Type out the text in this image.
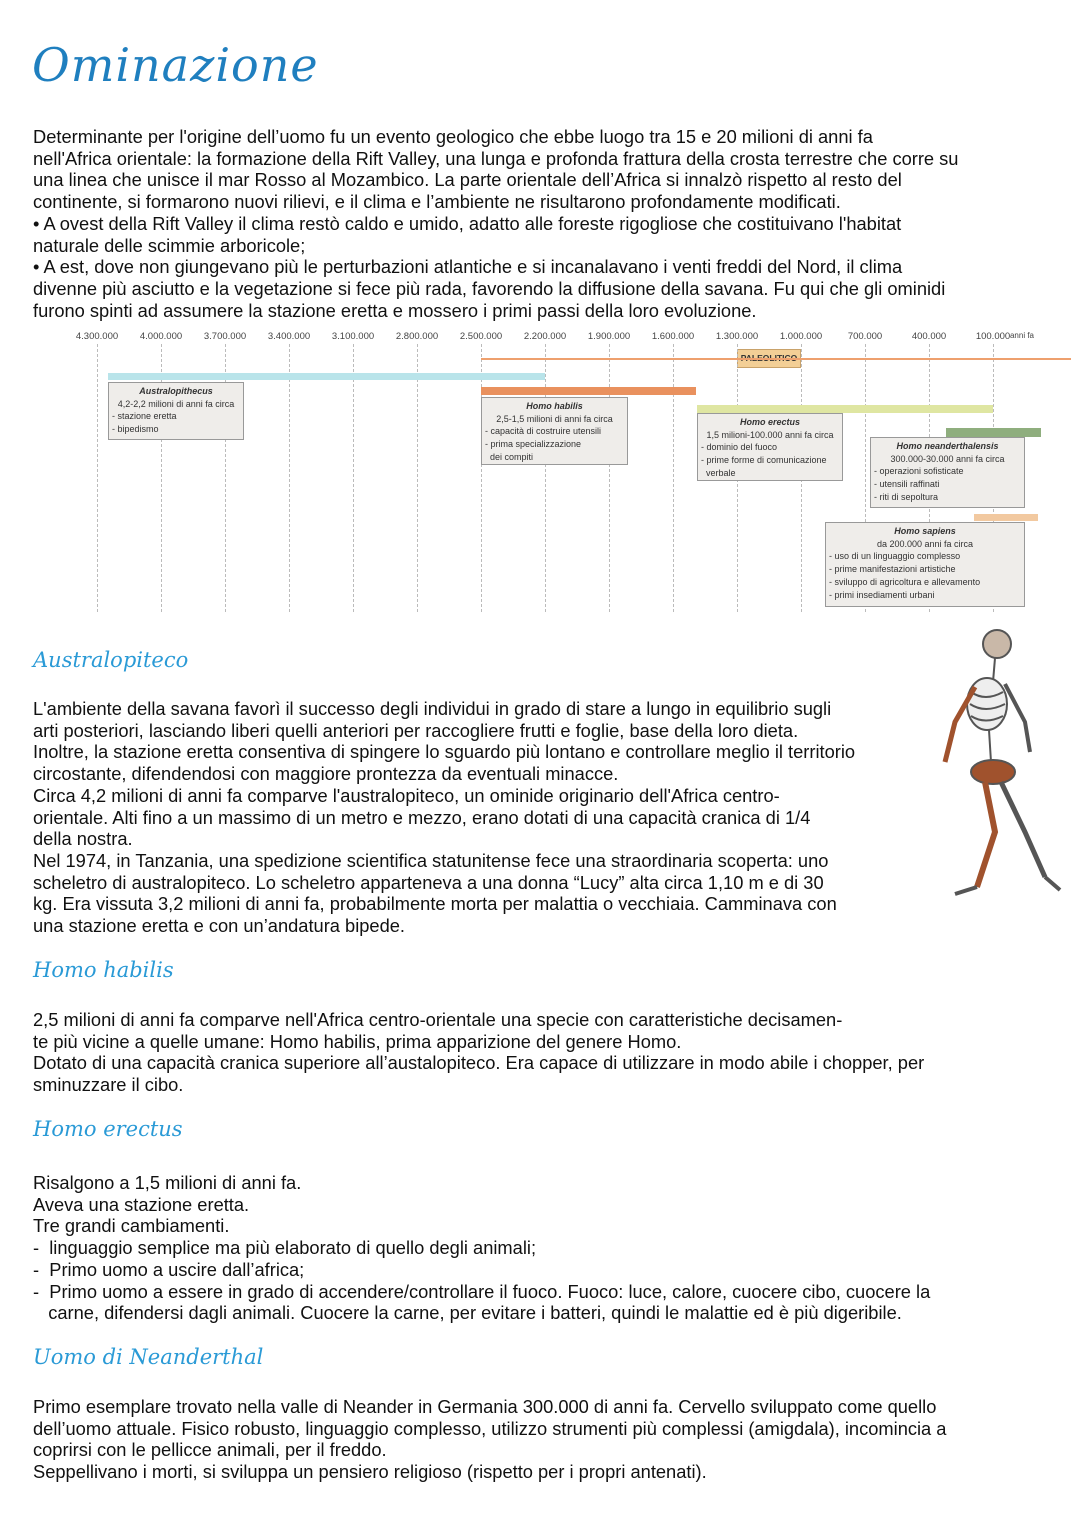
Ominazione
Determinante per l'origine dell’uomo fu un evento geologico che ebbe luogo tra 15 e 20 milioni di anni fa
nell'Africa orientale: la formazione della Rift Valley, una lunga e profonda frattura della crosta terrestre che corre su
una linea che unisce il mar Rosso al Mozambico. La parte orientale dell’Africa si innalzò rispetto al resto del
continente, si formarono nuovi rilievi, e il clima e l’ambiente ne risultarono profondamente modificati.
• A ovest della Rift Valley il clima restò caldo e umido, adatto alle foreste rigogliose che costituivano l'habitat
naturale delle scimmie arboricole;
• A est, dove non giungevano più le perturbazioni atlantiche e si incanalavano i venti freddi del Nord, il clima
divenne più asciutto e la vegetazione si fece più rada, favorendo la diffusione della savana. Fu qui che gli ominidi
furono spinti ad assumere la stazione eretta e mossero i primi passi della loro evoluzione.
4.300.000 4.000.000 3.700.000 3.400.000 3.100.000 2.800.000 2.500.000 2.200.000 1.900.000 1.600.000 1.300.000 1.000.000	700.000	400.000	100.000 anni fa
Australopithecus
4,2-2,2 milioni di anni fa circa
- stazione eretta
- bipedismo
Homo habilis
2,5-1,5 milioni di anni fa circa
- capacità di costruire utensili
- prima specializzazione
dei compiti
Homo erectus
1,5 milioni-100.000 anni fa circa
- dominio del fuoco
- prime forme di comunicazione
verbale
Homo neanderthalensis
300.000-30.000 anni fa circa
- operazioni sofisticate
- utensili raffinati
- riti di sepoltura
Homo sapiens
da 200.000 anni fa circa
- uso di un linguaggio complesso
- prime manifestazioni artistiche
- sviluppo di agricoltura e allevamento
- primi insediamenti urbani
Australopiteco
L'ambiente della savana favorì il successo degli individui in grado di stare a lungo in equilibrio sugli
arti posteriori, lasciando liberi quelli anteriori per raccogliere frutti e foglie, base della loro dieta.
Inoltre, la stazione eretta consentiva di spingere lo sguardo più lontano e controllare meglio il territorio
circostante, difendendosi con maggiore prontezza da eventuali minacce.
Circa 4,2 milioni di anni fa comparve l'australopiteco, un ominide originario dell'Africa centro-
orientale. Alti fino a un massimo di un metro e mezzo, erano dotati di una capacità cranica di 1/4
della nostra.
Nel 1974, in Tanzania, una spedizione scientifica statunitense fece una straordinaria scoperta: uno
scheletro di australopiteco. Lo scheletro apparteneva a una donna “Lucy” alta circa 1,10 m e di 30
kg. Era vissuta 3,2 milioni di anni fa, probabilmente morta per malattia o vecchiaia. Camminava con
una stazione eretta e con un’andatura bipede.
Homo habilis
2,5 milioni di anni fa comparve nell'Africa centro-orientale una specie con caratteristiche decisamen-
te più vicine a quelle umane: Homo habilis, prima apparizione del genere Homo.
Dotato di una capacità cranica superiore all’austalopiteco. Era capace di utilizzare in modo abile i chopper, per
sminuzzare il cibo.
Homo erectus
Risalgono a 1,5 milioni di anni fa.
Aveva una stazione eretta.
Tre grandi cambiamenti.
-  linguaggio semplice ma più elaborato di quello degli animali;
-  Primo uomo a uscire dall’africa;
-  Primo uomo a essere in grado di accendere/controllare il fuoco. Fuoco: luce, calore, cuocere cibo, cuocere la
carne, difendersi dagli animali. Cuocere la carne, per evitare i batteri, quindi le malattie ed è più digeribile.
Uomo di Neanderthal
Primo esemplare trovato nella valle di Neander in Germania 300.000 di anni fa. Cervello sviluppato come quello
dell’uomo attuale. Fisico robusto, linguaggio complesso, utilizzo strumenti più complessi (amigdala), incomincia a
coprirsi con le pellicce animali, per il freddo.
Seppellivano i morti, si sviluppa un pensiero religioso (rispetto per i propri antenati).
